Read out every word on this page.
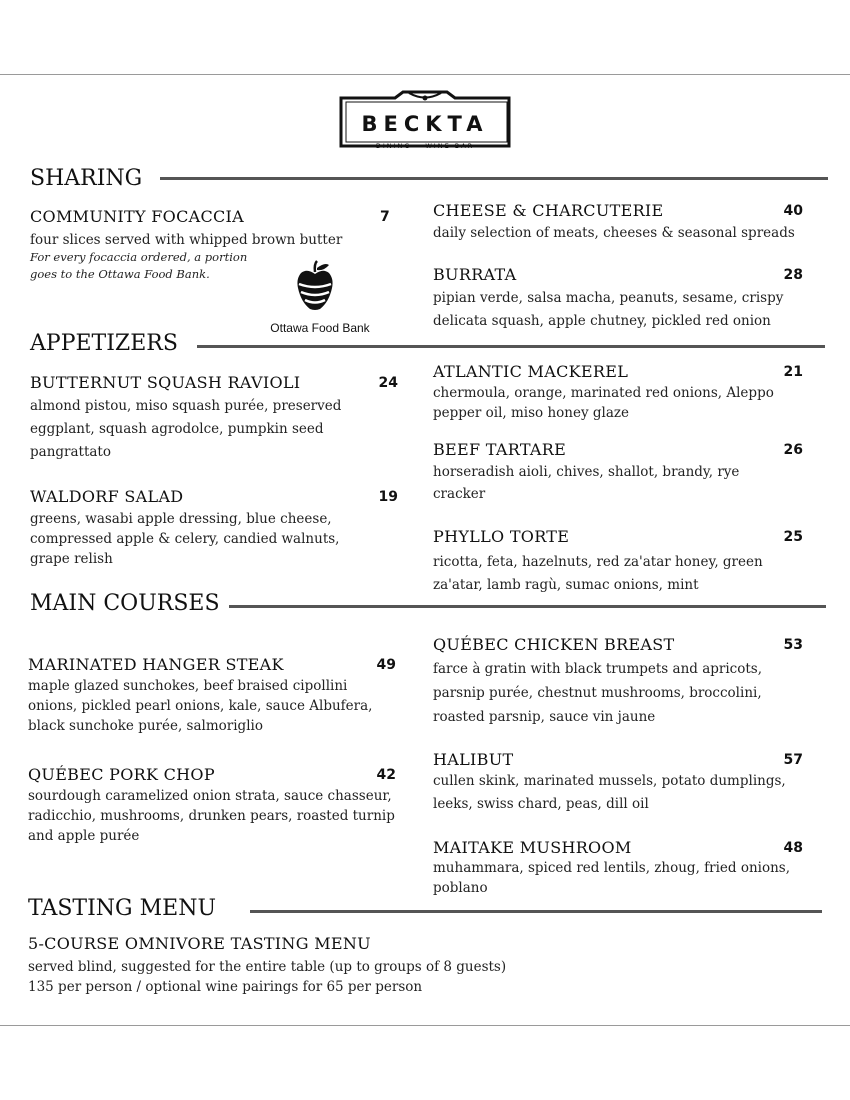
BECKTA
DINING • WINE BAR
SHARING
COMMUNITY FOCACCIA	7
four slices served with whipped brown butter
For every focaccia ordered, a portion goes to the Ottawa Food Bank.
Ottawa Food Bank
CHEESE & CHARCUTERIE	40
daily selection of meats, cheeses & seasonal spreads
BURRATA	28
pipian verde, salsa macha, peanuts, sesame, crispy delicata squash, apple chutney, pickled red onion
APPETIZERS
BUTTERNUT SQUASH RAVIOLI	24
almond pistou, miso squash purée, preserved eggplant, squash agrodolce, pumpkin seed pangrattato
WALDORF SALAD	19
greens, wasabi apple dressing, blue cheese, compressed apple & celery, candied walnuts, grape relish
ATLANTIC MACKEREL	21
chermoula, orange, marinated red onions, Aleppo pepper oil, miso honey glaze
BEEF TARTARE	26
horseradish aioli, chives, shallot, brandy, rye cracker
PHYLLO TORTE	25
ricotta, feta, hazelnuts, red za'atar honey, green za'atar, lamb ragù, sumac onions, mint
MAIN COURSES
MARINATED HANGER STEAK	49
maple glazed sunchokes, beef braised cipollini onions, pickled pearl onions, kale, sauce Albufera, black sunchoke purée, salmoriglio
QUÉBEC PORK CHOP	42
sourdough caramelized onion strata, sauce chasseur, radicchio, mushrooms, drunken pears, roasted turnip and apple purée
QUÉBEC CHICKEN BREAST	53
farce à gratin with black trumpets and apricots, parsnip purée, chestnut mushrooms, broccolini, roasted parsnip, sauce vin jaune
HALIBUT	57
cullen skink, marinated mussels, potato dumplings, leeks, swiss chard, peas, dill oil
MAITAKE MUSHROOM	48
muhammara, spiced red lentils, zhoug, fried onions, poblano
TASTING MENU
5-COURSE OMNIVORE TASTING MENU
served blind, suggested for the entire table (up to groups of 8 guests)
135 per person / optional wine pairings for 65 per person
